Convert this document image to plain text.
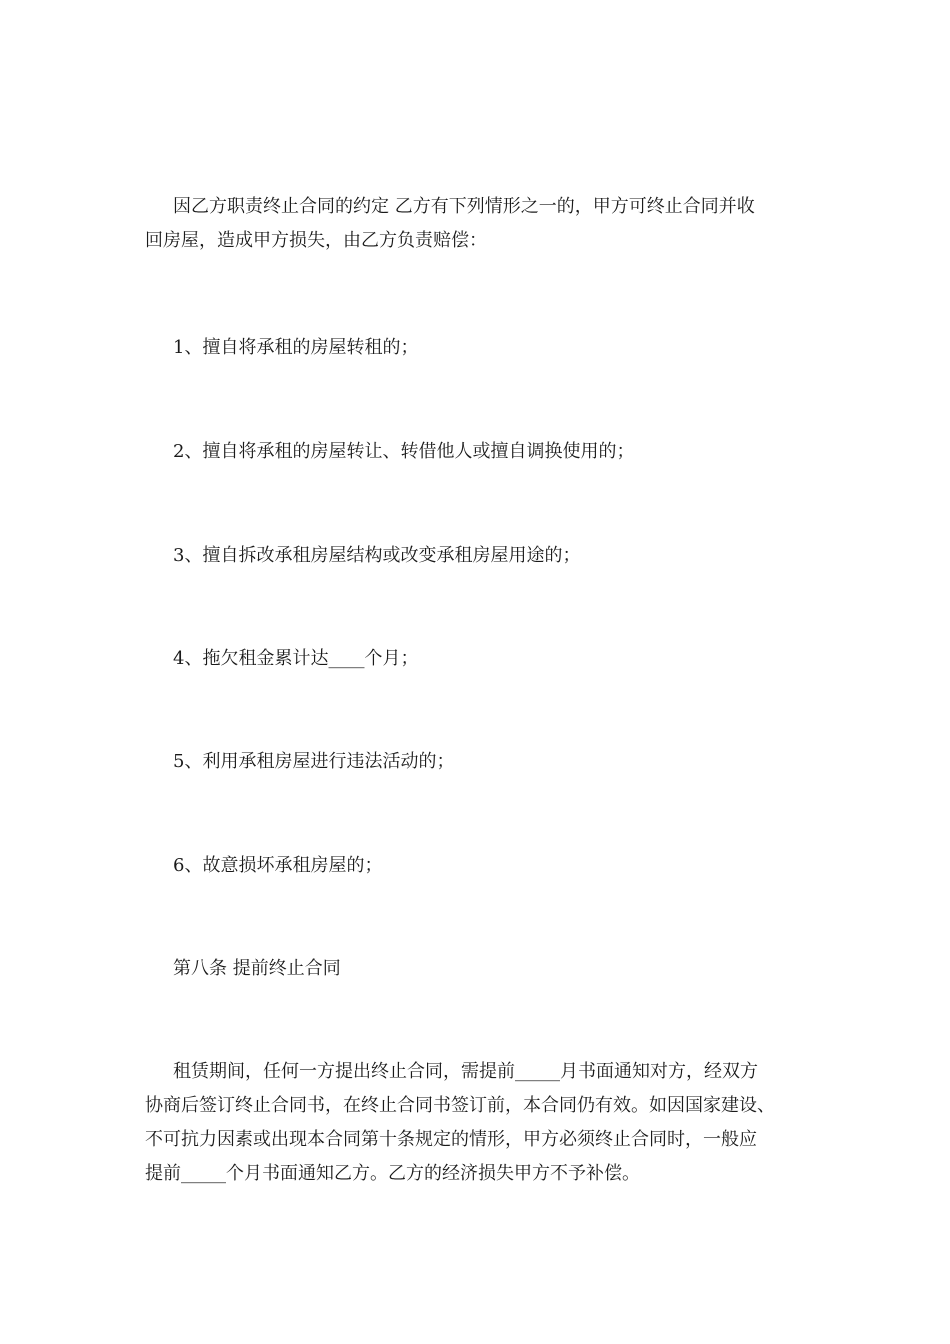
因乙方职责终止合同的约定 乙方有下列情形之一的，甲方可终止合同并收
回房屋，造成甲方损失，由乙方负责赔偿：

1、擅自将承租的房屋转租的；

2、擅自将承租的房屋转让、转借他人或擅自调换使用的；

3、擅自拆改承租房屋结构或改变承租房屋用途的；

4、拖欠租金累计达____个月；

5、利用承租房屋进行违法活动的；

6、故意损坏承租房屋的；

第八条 提前终止合同

租赁期间，任何一方提出终止合同，需提前_____月书面通知对方，经双方
协商后签订终止合同书，在终止合同书签订前，本合同仍有效。如因国家建设、
不可抗力因素或出现本合同第十条规定的情形，甲方必须终止合同时，一般应
提前_____个月书面通知乙方。乙方的经济损失甲方不予补偿。
